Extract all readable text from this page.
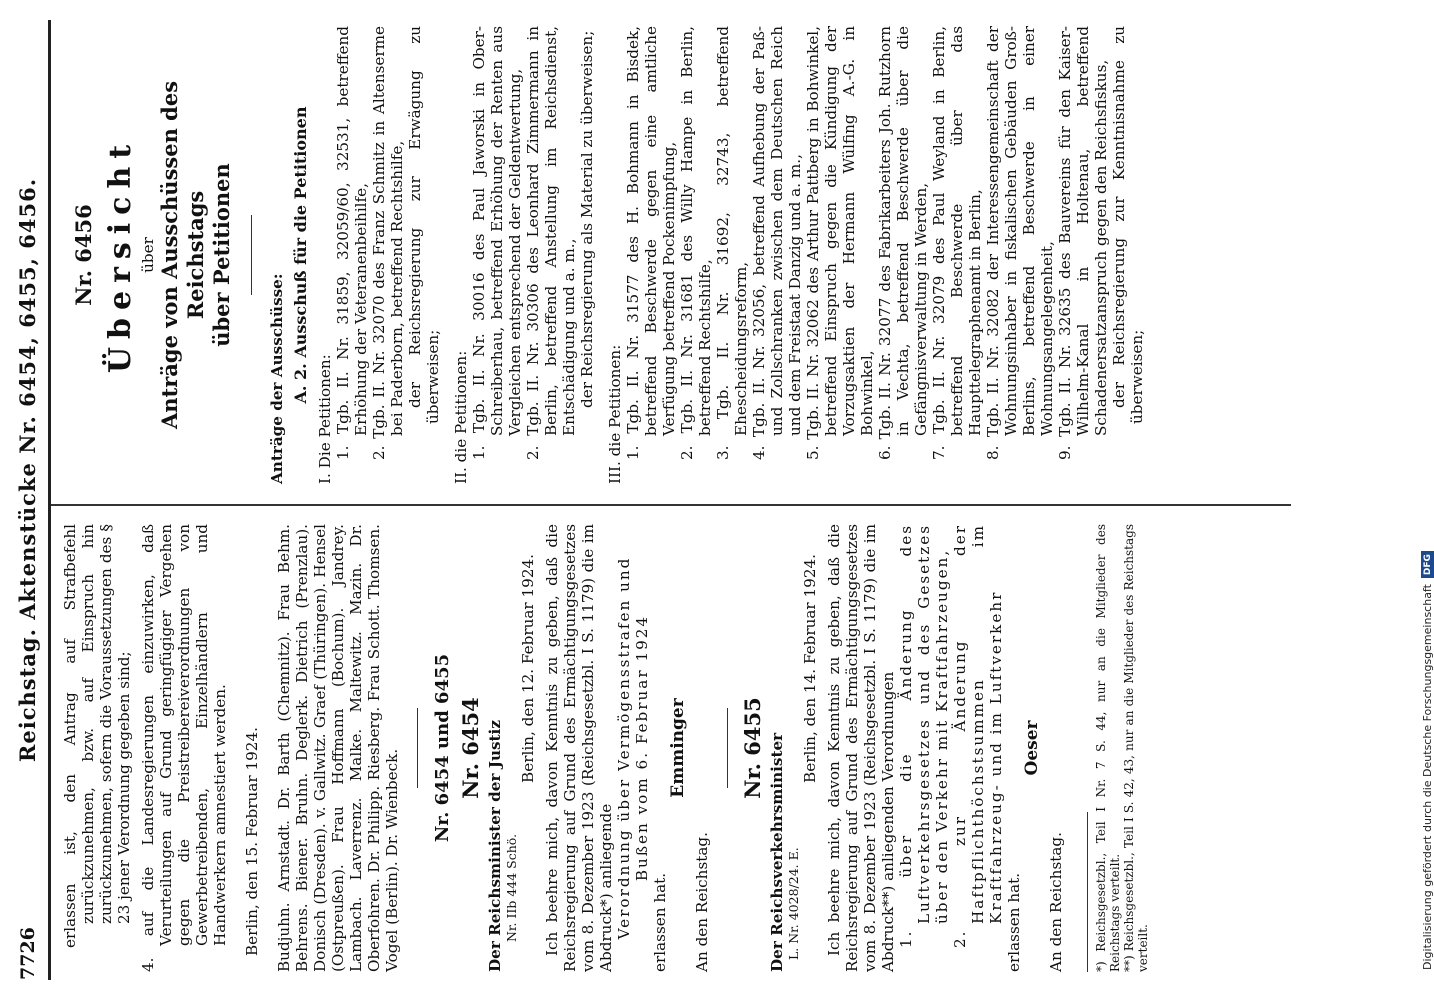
7726
Reichstag. Aktenstücke Nr. 6454, 6455, 6456. erlassen ist, den Antrag auf Strafbefehl zurückzunehmen, bzw. auf Einspruch hin zurückzunehmen, sofern die Voraussetzungen des § 23 jener Verordnung gegeben sind; 4. auf die Landesregierungen einzuwirken, daß Verurteilungen auf Grund geringfügiger Vergehen gegen die Preistreibereiverordnungen von Gewerbetreibenden, Einzelhändlern und Handwerkern amnestiert werden. Berlin, den 15. Februar 1924. Budjuhn. Arnstadt. Dr. Barth (Chemnitz). Frau Behm. Behrens. Biener. Bruhn. Deglerk. Dietrich (Prenzlau). Donisch (Dresden). v. Gallwitz. Graef (Thüringen). Hensel (Ostpreußen). Frau Hoffmann (Bochum). Jandrey. Lambach. Laverrenz. Malke. Maltewitz. Mazin. Dr. Oberfohren. Dr. Philipp. Riesberg. Frau Schott. Thomsen. Vogel (Berlin). Dr. Wienbeck.

Nr. 6454 und 6455 Nr. 6454 Der Reichsminister der Justiz Nr. IIb 444 Schö.

Berlin, den 12. Februar 1924. Ich beehre mich, davon Kenntnis zu geben, daß die Reichsregierung auf Grund des Ermächtigungsgesetzes vom 8. Dezember 1923 (Reichsgesetzbl. I S. 1179) die im Abdruck*) anliegende Verordnung über Vermögensstrafen und Bußen vom 6. Februar 1924

erlassen hat.

Emminger

An den Reichstag.

Nr. 6455 Der Reichsverkehrsminister L. Nr. 4028/24. E.

Berlin, den 14. Februar 1924. Ich beehre mich, davon Kenntnis zu geben, daß die Reichsregierung auf Grund des Ermächtigungsgesetzes vom 8. Dezember 1923 (Reichsgesetzbl. I S. 1179) die im Abdruck**) anliegenden Verordnungen 1. über die Änderung des Luftverkehrsgesetzes und des Gesetzes über den Verkehr mit Kraftfahrzeugen, 2. zur Änderung der Haftpflichthöchstsummen im Kraftfahrzeug- und im Luftverkehr erlassen hat.

Oeser

An den Reichstag. *) Reichsgesetzbl., Teil I Nr. 7 S. 44, nur an die Mitglieder des Reichstags verteilt. **) Reichsgesetzbl., Teil I S. 42, 43, nur an die Mitglieder des Reichstags verteilt.

Nr. 6456 Übersicht über Anträge von Ausschüssen des Reichstags über Petitionen

Anträge der Ausschüsse: A. 2. Ausschuß für die Petitionen

I. Die Petitionen: 1. Tgb. II. Nr. 31859, 32059/60, 32531, betreffend Erhöhung der Veteranenbeihilfe, 2. Tgb. II. Nr. 32070 des Franz Schmitz in Altenserme bei Paderborn, betreffend Rechtshilfe, der Reichsregierung zur Erwägung zu überweisen; II. die Petitionen: 1. Tgb. II. Nr. 30016 des Paul Jaworski in Ober-Schreiberhau, betreffend Erhöhung der Renten aus Vergleichen entsprechend der Geldentwertung, 2. Tgb. II. Nr. 30306 des Leonhard Zimmermann in Berlin, betreffend Anstellung im Reichsdienst, Entschädigung und a. m., der Reichsregierung als Material zu überweisen;

III. die Petitionen: 1. Tgb. II. Nr. 31577 des H. Bohmann in Bisdek, betreffend Beschwerde gegen eine amtliche Verfügung betreffend Pockenimpfung, 2. Tgb. II. Nr. 31681 des Willy Hampe in Berlin, betreffend Rechtshilfe, 3. Tgb. II. Nr. 31692, 32743, betreffend Ehescheidungsreform, 4. Tgb. II. Nr. 32056, betreffend Aufhebung der Paß- und Zollschranken zwischen dem Deutschen Reich und dem Freistaat Danzig und a. m., 5. Tgb. II. Nr. 32062 des Arthur Pattberg in Bohwinkel, betreffend Einspruch gegen die Kündigung der Vorzugsaktien der Hermann Wülfing A.-G. in Bohwinkel, 6. Tgb. II. Nr. 32077 des Fabrikarbeiters Joh. Rutzhorn in Vechta, betreffend Beschwerde über die Gefängnisverwaltung in Werden, 7. Tgb. II. Nr. 32079 des Paul Weyland in Berlin, betreffend Beschwerde über das Haupttelegraphenamt in Berlin, 8. Tgb. II. Nr. 32082 der Interessengemeinschaft der Wohnungsinhaber in fiskalischen Gebäuden Groß-Berlins, betreffend Beschwerde in einer Wohnungsangelegenheit, 9. Tgb. II. Nr. 32635 des Bauvereins für den Kaiser-Wilhelm-Kanal in Holtenau, betreffend Schadenersatzanspruch gegen den Reichsfiskus, der Reichsregierung zur Kenntnisnahme zu überweisen;

Digitalisierung gefördert durch die Deutsche Forschungsgemeinschaft
DFG
